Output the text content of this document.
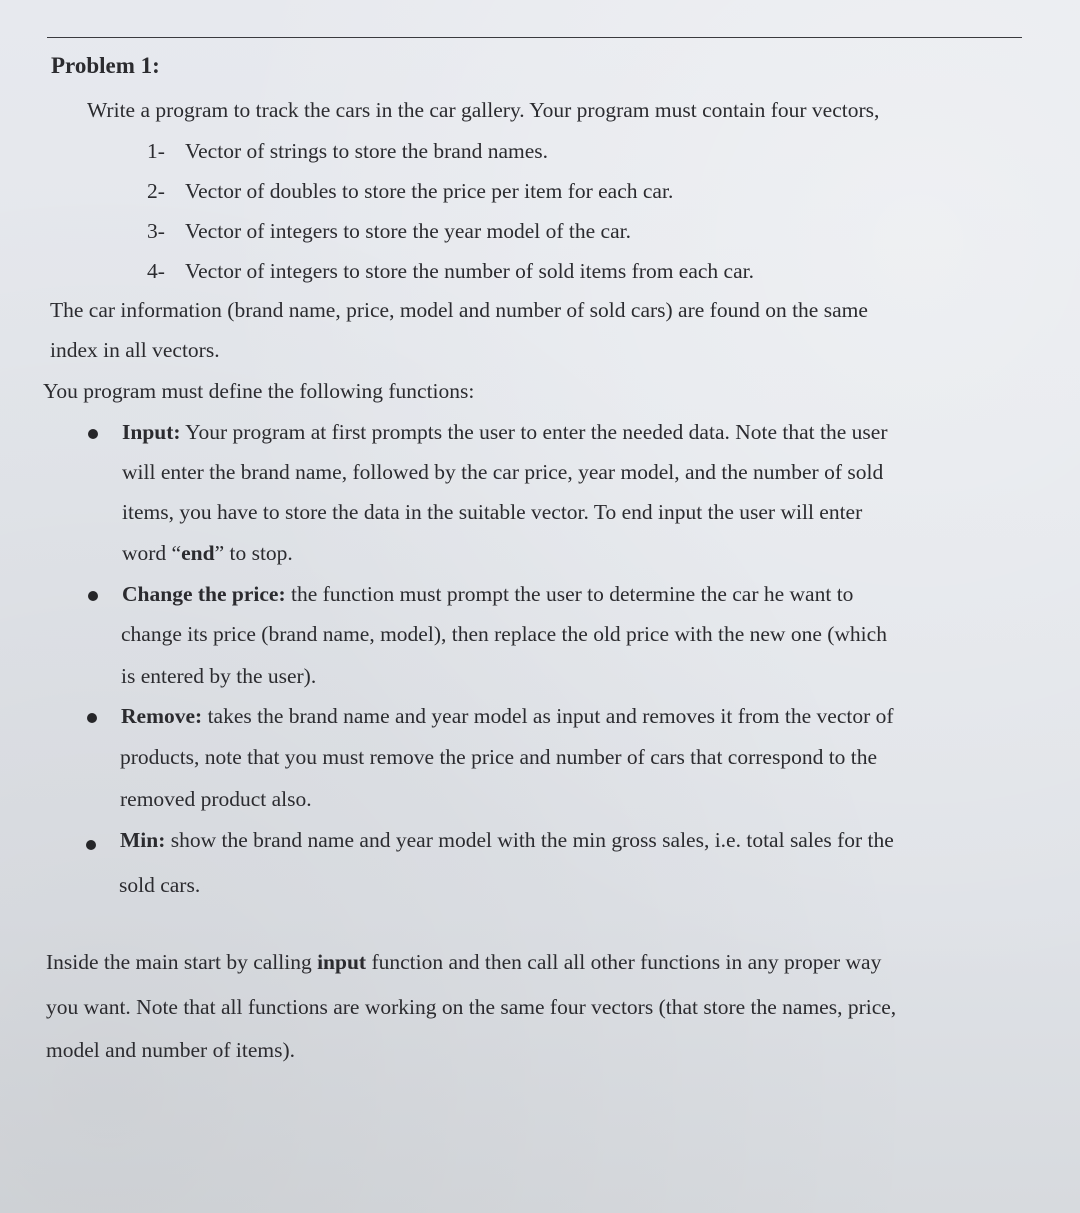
Problem 1:
Write a program to track the cars in the car gallery. Your program must contain four vectors,
1- Vector of strings to store the brand names.
2- Vector of doubles to store the price per item for each car.
3- Vector of integers to store the year model of the car.
4- Vector of integers to store the number of sold items from each car.
The car information (brand name, price, model and number of sold cars) are found on the same
index in all vectors.
You program must define the following functions:
Input: Your program at first prompts the user to enter the needed data. Note that the user
will enter the brand name, followed by the car price, year model, and the number of sold
items, you have to store the data in the suitable vector. To end input the user will enter
word “end” to stop.
Change the price: the function must prompt the user to determine the car he want to
change its price (brand name, model), then replace the old price with the new one (which
is entered by the user).
Remove: takes the brand name and year model as input and removes it from the vector of
products, note that you must remove the price and number of cars that correspond to the
removed product also.
Min: show the brand name and year model with the min gross sales, i.e. total sales for the
sold cars.
Inside the main start by calling input function and then call all other functions in any proper way
you want. Note that all functions are working on the same four vectors (that store the names, price,
model and number of items).
